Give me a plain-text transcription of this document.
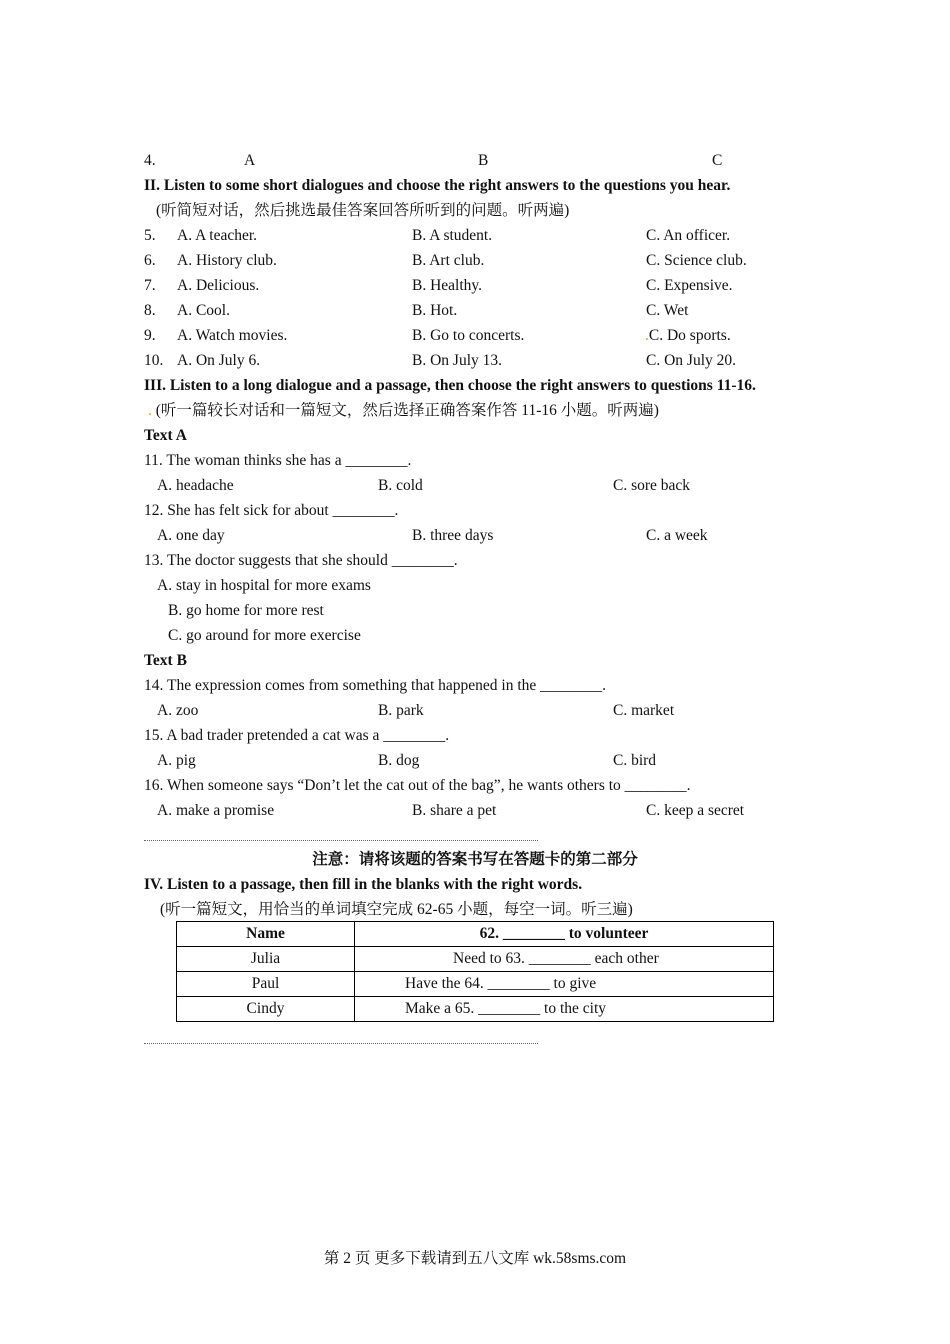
4.	A	B	C
II. Listen to some short dialogues and choose the right answers to the questions you hear.
(听简短对话，然后挑选最佳答案回答所听到的问题。听两遍)
5. A. A teacher.	B. A student.	C. An officer.
6. A. History club.	B. Art club.	C. Science club.
7. A. Delicious.	B. Healthy.	C. Expensive.
8. A. Cool.	B. Hot.	C. Wet
9. A. Watch movies.	B. Go to concerts.	.C. Do sports.
10. A. On July 6.	B. On July 13.	C. On July 20.
III. Listen to a long dialogue and a passage, then choose the right answers to questions 11-16.
. (听一篇较长对话和一篇短文，然后选择正确答案作答 11-16 小题。听两遍)
Text A
11. The woman thinks she has a ________.
A. headache	B. cold	C. sore back
12. She has felt sick for about ________.
A. one day	B. three days	C. a week
13. The doctor suggests that she should ________.
A. stay in hospital for more exams
B. go home for more rest
C. go around for more exercise
Text B
14. The expression comes from something that happened in the ________.
A. zoo	B. park	C. market
15. A bad trader pretended a cat was a ________.
A. pig	B. dog	C. bird
16. When someone says “Don’t let the cat out of the bag”, he wants others to ________.
A. make a promise	B. share a pet	C. keep a secret
注意：请将该题的答案书写在答题卡的第二部分
IV. Listen to a passage, then fill in the blanks with the right words.
(听一篇短文，用恰当的单词填空完成 62-65 小题，每空一词。听三遍)
Name	62. ________ to volunteer
Julia	Need to 63. ________ each other
Paul	Have the 64. ________ to give
Cindy	Make a 65. ________ to the city
第 2 页 更多下载请到五八文库 wk.58sms.com
